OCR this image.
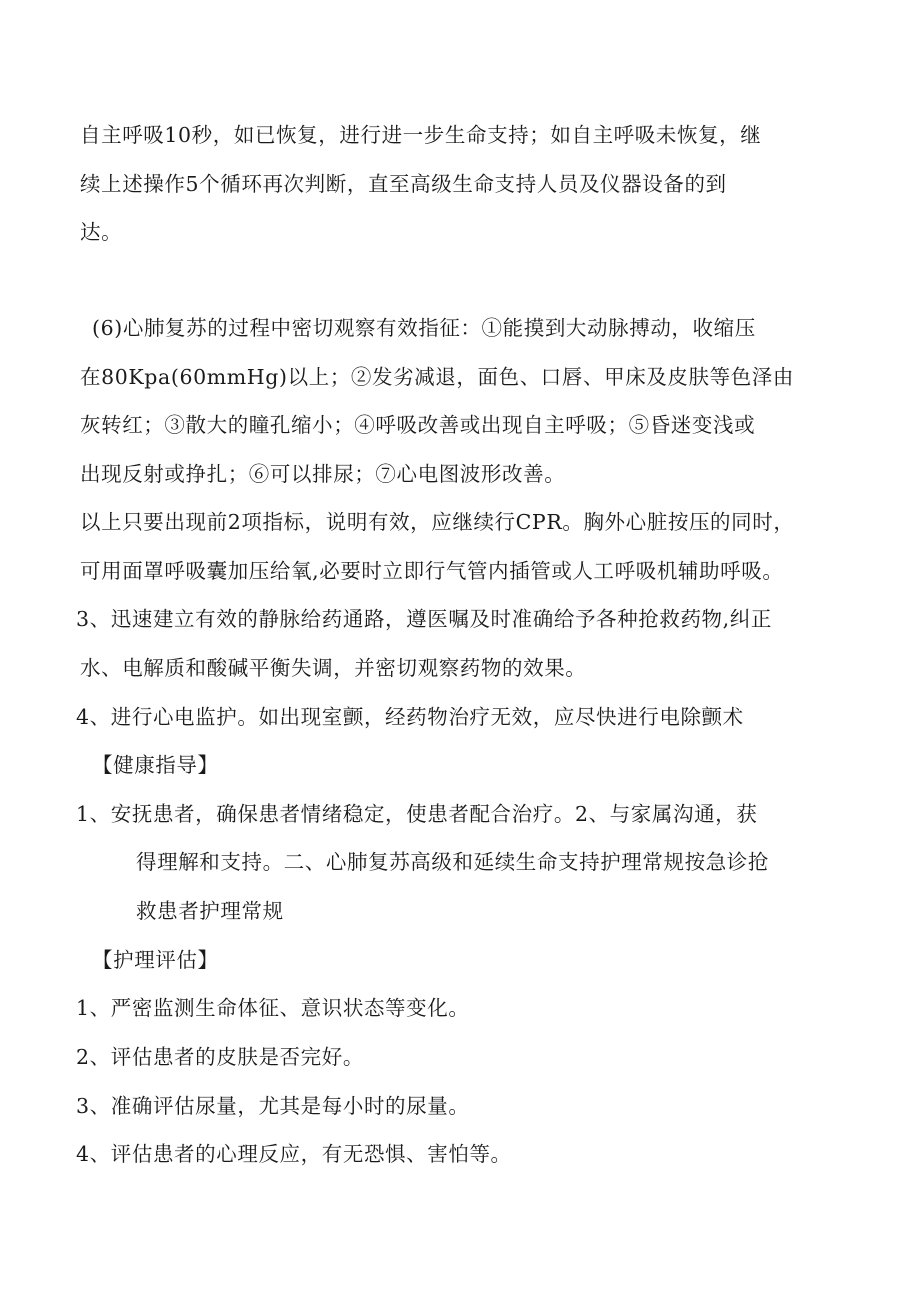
自主呼吸10秒，如已恢复，进行进一步生命支持；如自主呼吸未恢复，继
续上述操作5个循环再次判断，直至高级生命支持人员及仪器设备的到
达。
(6)心肺复苏的过程中密切观察有效指征：①能摸到大动脉搏动，收缩压
在80Kpa(60mmHg)以上；②发劣减退，面色、口唇、甲床及皮肤等色泽由
灰转红；③散大的瞳孔缩小；④呼吸改善或出现自主呼吸；⑤昏迷变浅或
出现反射或挣扎；⑥可以排尿；⑦心电图波形改善。
以上只要出现前2项指标，说明有效，应继续行CPR。胸外心脏按压的同时，
可用面罩呼吸囊加压给氧,必要时立即行气管内插管或人工呼吸机辅助呼吸。
3、迅速建立有效的静脉给药通路，遵医嘱及时准确给予各种抢救药物,纠正
水、电解质和酸碱平衡失调，并密切观察药物的效果。
4、进行心电监护。如出现室颤，经药物治疗无效，应尽快进行电除颤术
【健康指导】
1、安抚患者，确保患者情绪稳定，使患者配合治疗。2、与家属沟通，获
得理解和支持。二、心肺复苏高级和延续生命支持护理常规按急诊抢
救患者护理常规
【护理评估】
1、严密监测生命体征、意识状态等变化。
2、评估患者的皮肤是否完好。
3、准确评估尿量，尤其是每小时的尿量。
4、评估患者的心理反应，有无恐惧、害怕等。
